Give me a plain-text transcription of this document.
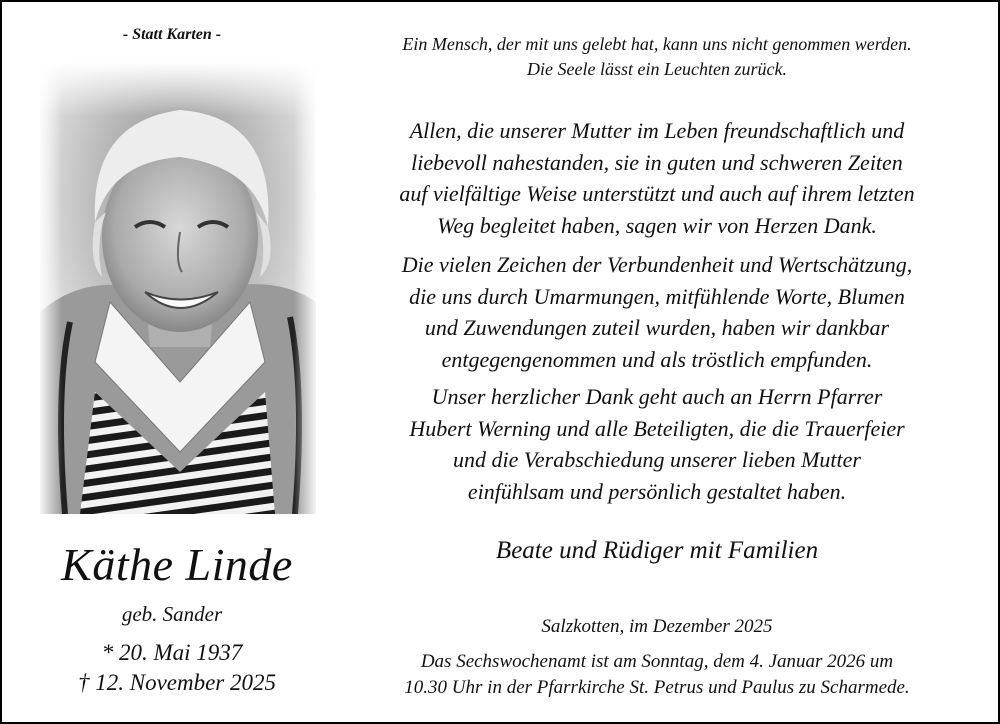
- Statt Karten -
Käthe Linde
geb. Sander
* 20. Mai 1937
† 12. November 2025
Ein Mensch, der mit uns gelebt hat, kann uns nicht genommen werden.
Die Seele lässt ein Leuchten zurück.
Allen, die unserer Mutter im Leben freundschaftlich und
liebevoll nahestanden, sie in guten und schweren Zeiten
auf vielfältige Weise unterstützt und auch auf ihrem letzten
Weg begleitet haben, sagen wir von Herzen Dank.
Die vielen Zeichen der Verbundenheit und Wertschätzung,
die uns durch Umarmungen, mitfühlende Worte, Blumen
und Zuwendungen zuteil wurden, haben wir dankbar
entgegengenommen und als tröstlich empfunden.
Unser herzlicher Dank geht auch an Herrn Pfarrer
Hubert Werning und alle Beteiligten, die die Trauerfeier
und die Verabschiedung unserer lieben Mutter
einfühlsam und persönlich gestaltet haben.
Beate und Rüdiger mit Familien
Salzkotten, im Dezember 2025
Das Sechswochenamt ist am Sonntag, dem 4. Januar 2026 um
10.30 Uhr in der Pfarrkirche St. Petrus und Paulus zu Scharmede.
